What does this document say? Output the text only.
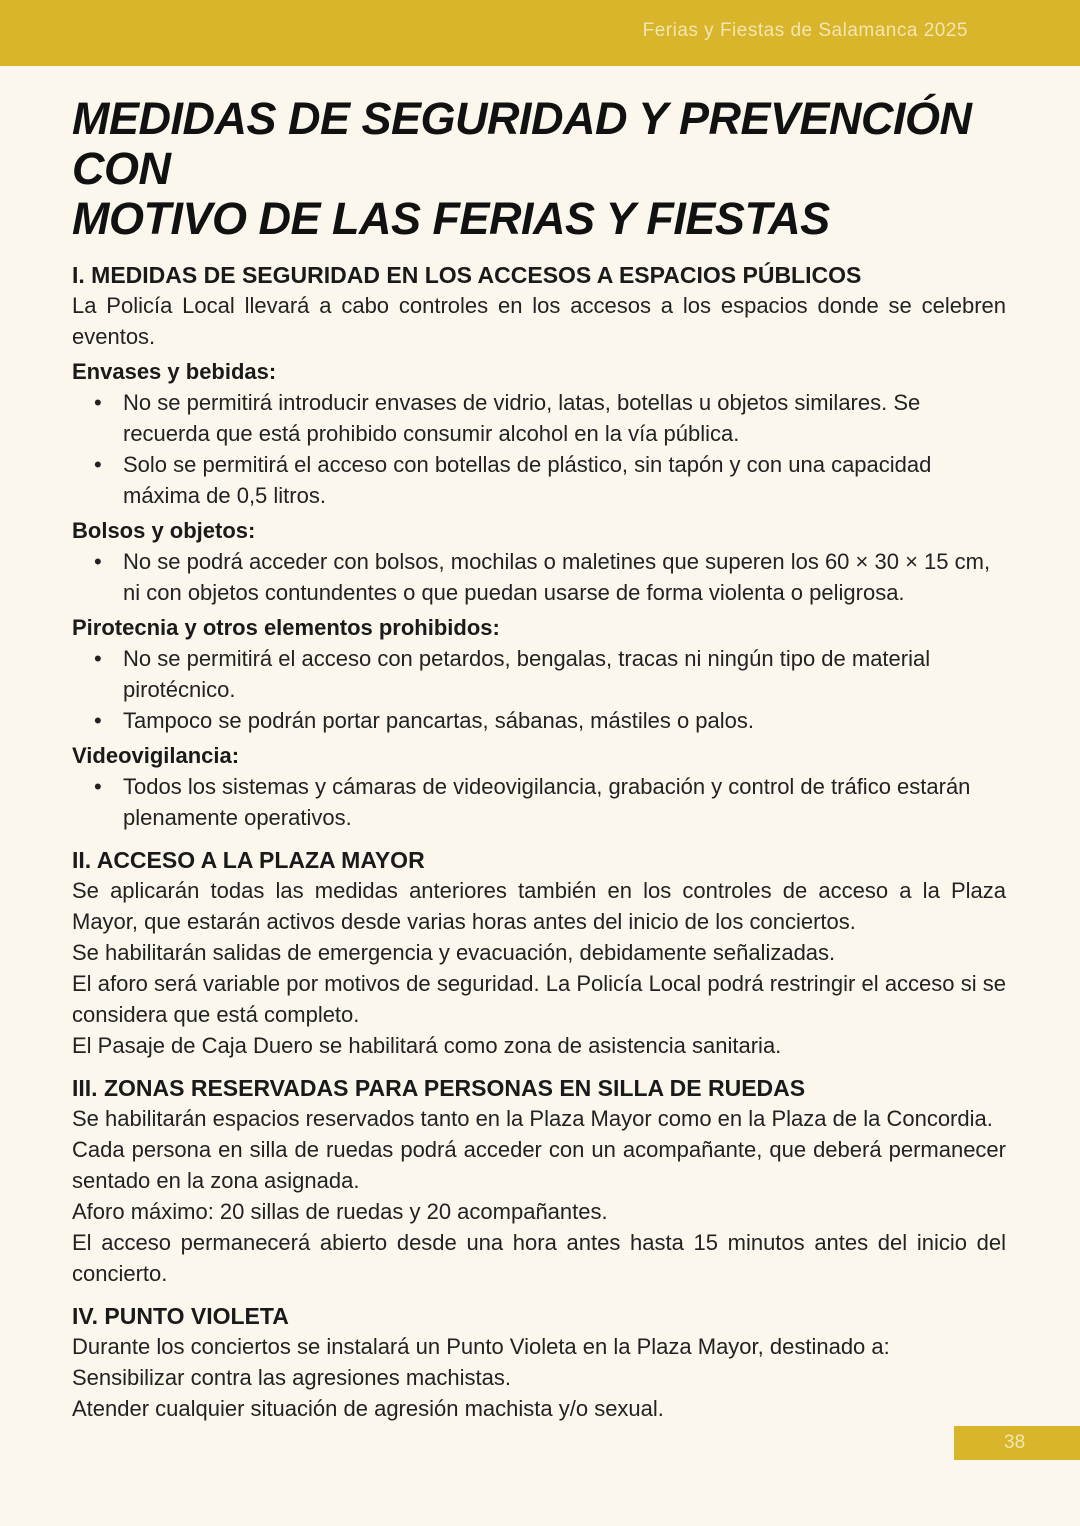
Ferias y Fiestas de Salamanca 2025
MEDIDAS DE SEGURIDAD Y PREVENCIÓN CON
MOTIVO DE LAS FERIAS Y FIESTAS
I. MEDIDAS DE SEGURIDAD EN LOS ACCESOS A ESPACIOS PÚBLICOS

La Policía Local llevará a cabo controles en los accesos a los espacios donde se celebren eventos.

Envases y bebidas:
• No se permitirá introducir envases de vidrio, latas, botellas u objetos similares. Se recuerda que está prohibido consumir alcohol en la vía pública.
• Solo se permitirá el acceso con botellas de plástico, sin tapón y con una capacidad máxima de 0,5 litros.
Bolsos y objetos:
• No se podrá acceder con bolsos, mochilas o maletines que superen los 60 × 30 × 15 cm, ni con objetos contundentes o que puedan usarse de forma violenta o peligrosa.
Pirotecnia y otros elementos prohibidos:
• No se permitirá el acceso con petardos, bengalas, tracas ni ningún tipo de material pirotécnico.
• Tampoco se podrán portar pancartas, sábanas, mástiles o palos.
Videovigilancia:
• Todos los sistemas y cámaras de videovigilancia, grabación y control de tráfico estarán plenamente operativos.
II. ACCESO A LA PLAZA MAYOR

Se aplicarán todas las medidas anteriores también en los controles de acceso a la Plaza Mayor, que estarán activos desde varias horas antes del inicio de los conciertos.

Se habilitarán salidas de emergencia y evacuación, debidamente señalizadas.

El aforo será variable por motivos de seguridad. La Policía Local podrá restringir el acceso si se considera que está completo.

El Pasaje de Caja Duero se habilitará como zona de asistencia sanitaria.

III. ZONAS RESERVADAS PARA PERSONAS EN SILLA DE RUEDAS

Se habilitarán espacios reservados tanto en la Plaza Mayor como en la Plaza de la Concordia.

Cada persona en silla de ruedas podrá acceder con un acompañante, que deberá permanecer sentado en la zona asignada.

Aforo máximo: 20 sillas de ruedas y 20 acompañantes.

El acceso permanecerá abierto desde una hora antes hasta 15 minutos antes del inicio del concierto.

IV. PUNTO VIOLETA

Durante los conciertos se instalará un Punto Violeta en la Plaza Mayor, destinado a:

Sensibilizar contra las agresiones machistas.

Atender cualquier situación de agresión machista y/o sexual.

38
